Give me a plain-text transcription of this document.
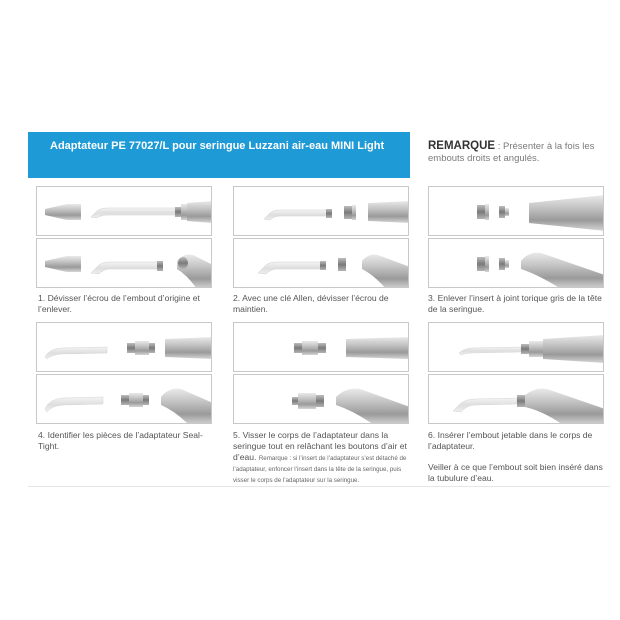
Adaptateur PE 77027/L pour seringue Luzzani air-eau MINI Light	REMARQUE : Présenter à la fois les embouts droits et angulés.
1. Dévisser l’écrou de l’embout d’origine et l’enlever.
2. Avec une clé Allen, dévisser l’écrou de maintien.
3. Enlever l’insert à joint torique gris de la tête de la seringue.
4. Identifier les pièces de l’adaptateur Seal-Tight.
5. Visser le corps de l’adaptateur dans la seringue tout en relâchant les boutons d’air et d’eau. Remarque : si l’insert de l’adaptateur s’est détaché de l’adaptateur, enfoncer l’insert dans la tête de la seringue, puis visser le corps de l’adaptateur sur la seringue.
6. Insérer l’embout jetable dans le corps de l’adaptateur.
Veiller à ce que l’embout soit bien inséré dans la tubulure d’eau.
